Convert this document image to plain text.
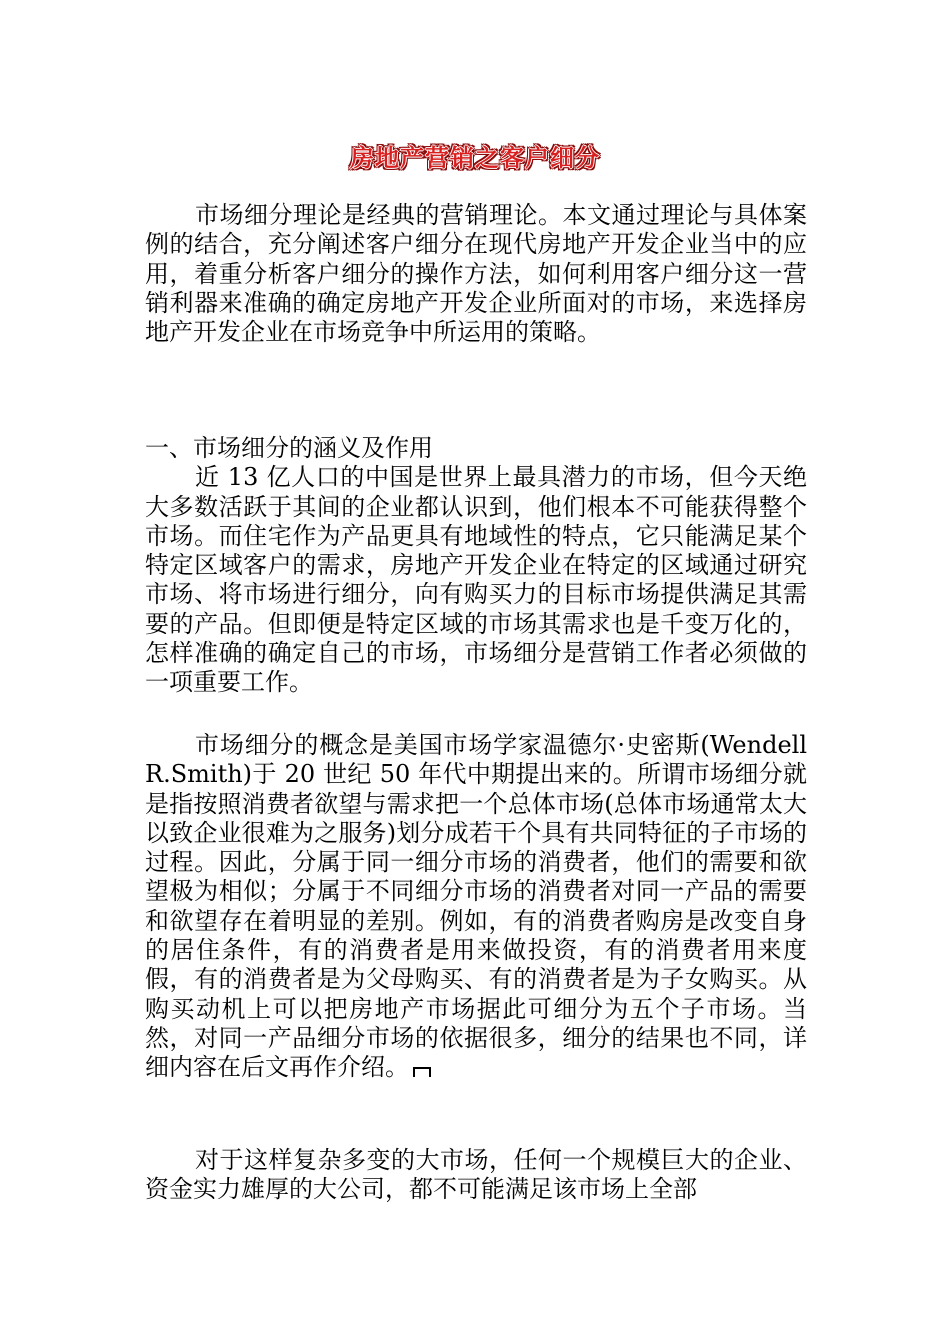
房地产营销之客户细分

市场细分理论是经典的营销理论。本文通过理论与具体案例的结合，充分阐述客户细分在现代房地产开发企业当中的应用，着重分析客户细分的操作方法，如何利用客户细分这一营销利器来准确的确定房地产开发企业所面对的市场，来选择房地产开发企业在市场竞争中所运用的策略。

一、市场细分的涵义及作用

近 13 亿人口的中国是世界上最具潜力的市场，但今天绝大多数活跃于其间的企业都认识到，他们根本不可能获得整个市场。而住宅作为产品更具有地域性的特点，它只能满足某个特定区域客户的需求，房地产开发企业在特定的区域通过研究市场、将市场进行细分，向有购买力的目标市场提供满足其需要的产品。但即便是特定区域的市场其需求也是千变万化的，怎样准确的确定自己的市场，市场细分是营销工作者必须做的一项重要工作。

市场细分的概念是美国市场学家温德尔·史密斯(Wendell R.Smith)于 20 世纪 50 年代中期提出来的。所谓市场细分就是指按照消费者欲望与需求把一个总体市场(总体市场通常太大以致企业很难为之服务)划分成若干个具有共同特征的子市场的过程。因此，分属于同一细分市场的消费者，他们的需要和欲望极为相似；分属于不同细分市场的消费者对同一产品的需要和欲望存在着明显的差别。例如，有的消费者购房是改变自身的居住条件，有的消费者是用来做投资，有的消费者用来度假，有的消费者是为父母购买、有的消费者是为子女购买。从购买动机上可以把房地产市场据此可细分为五个子市场。当然，对同一产品细分市场的依据很多，细分的结果也不同，详细内容在后文再作介绍。

对于这样复杂多变的大市场，任何一个规模巨大的企业、资金实力雄厚的大公司，都不可能满足该市场上全部
